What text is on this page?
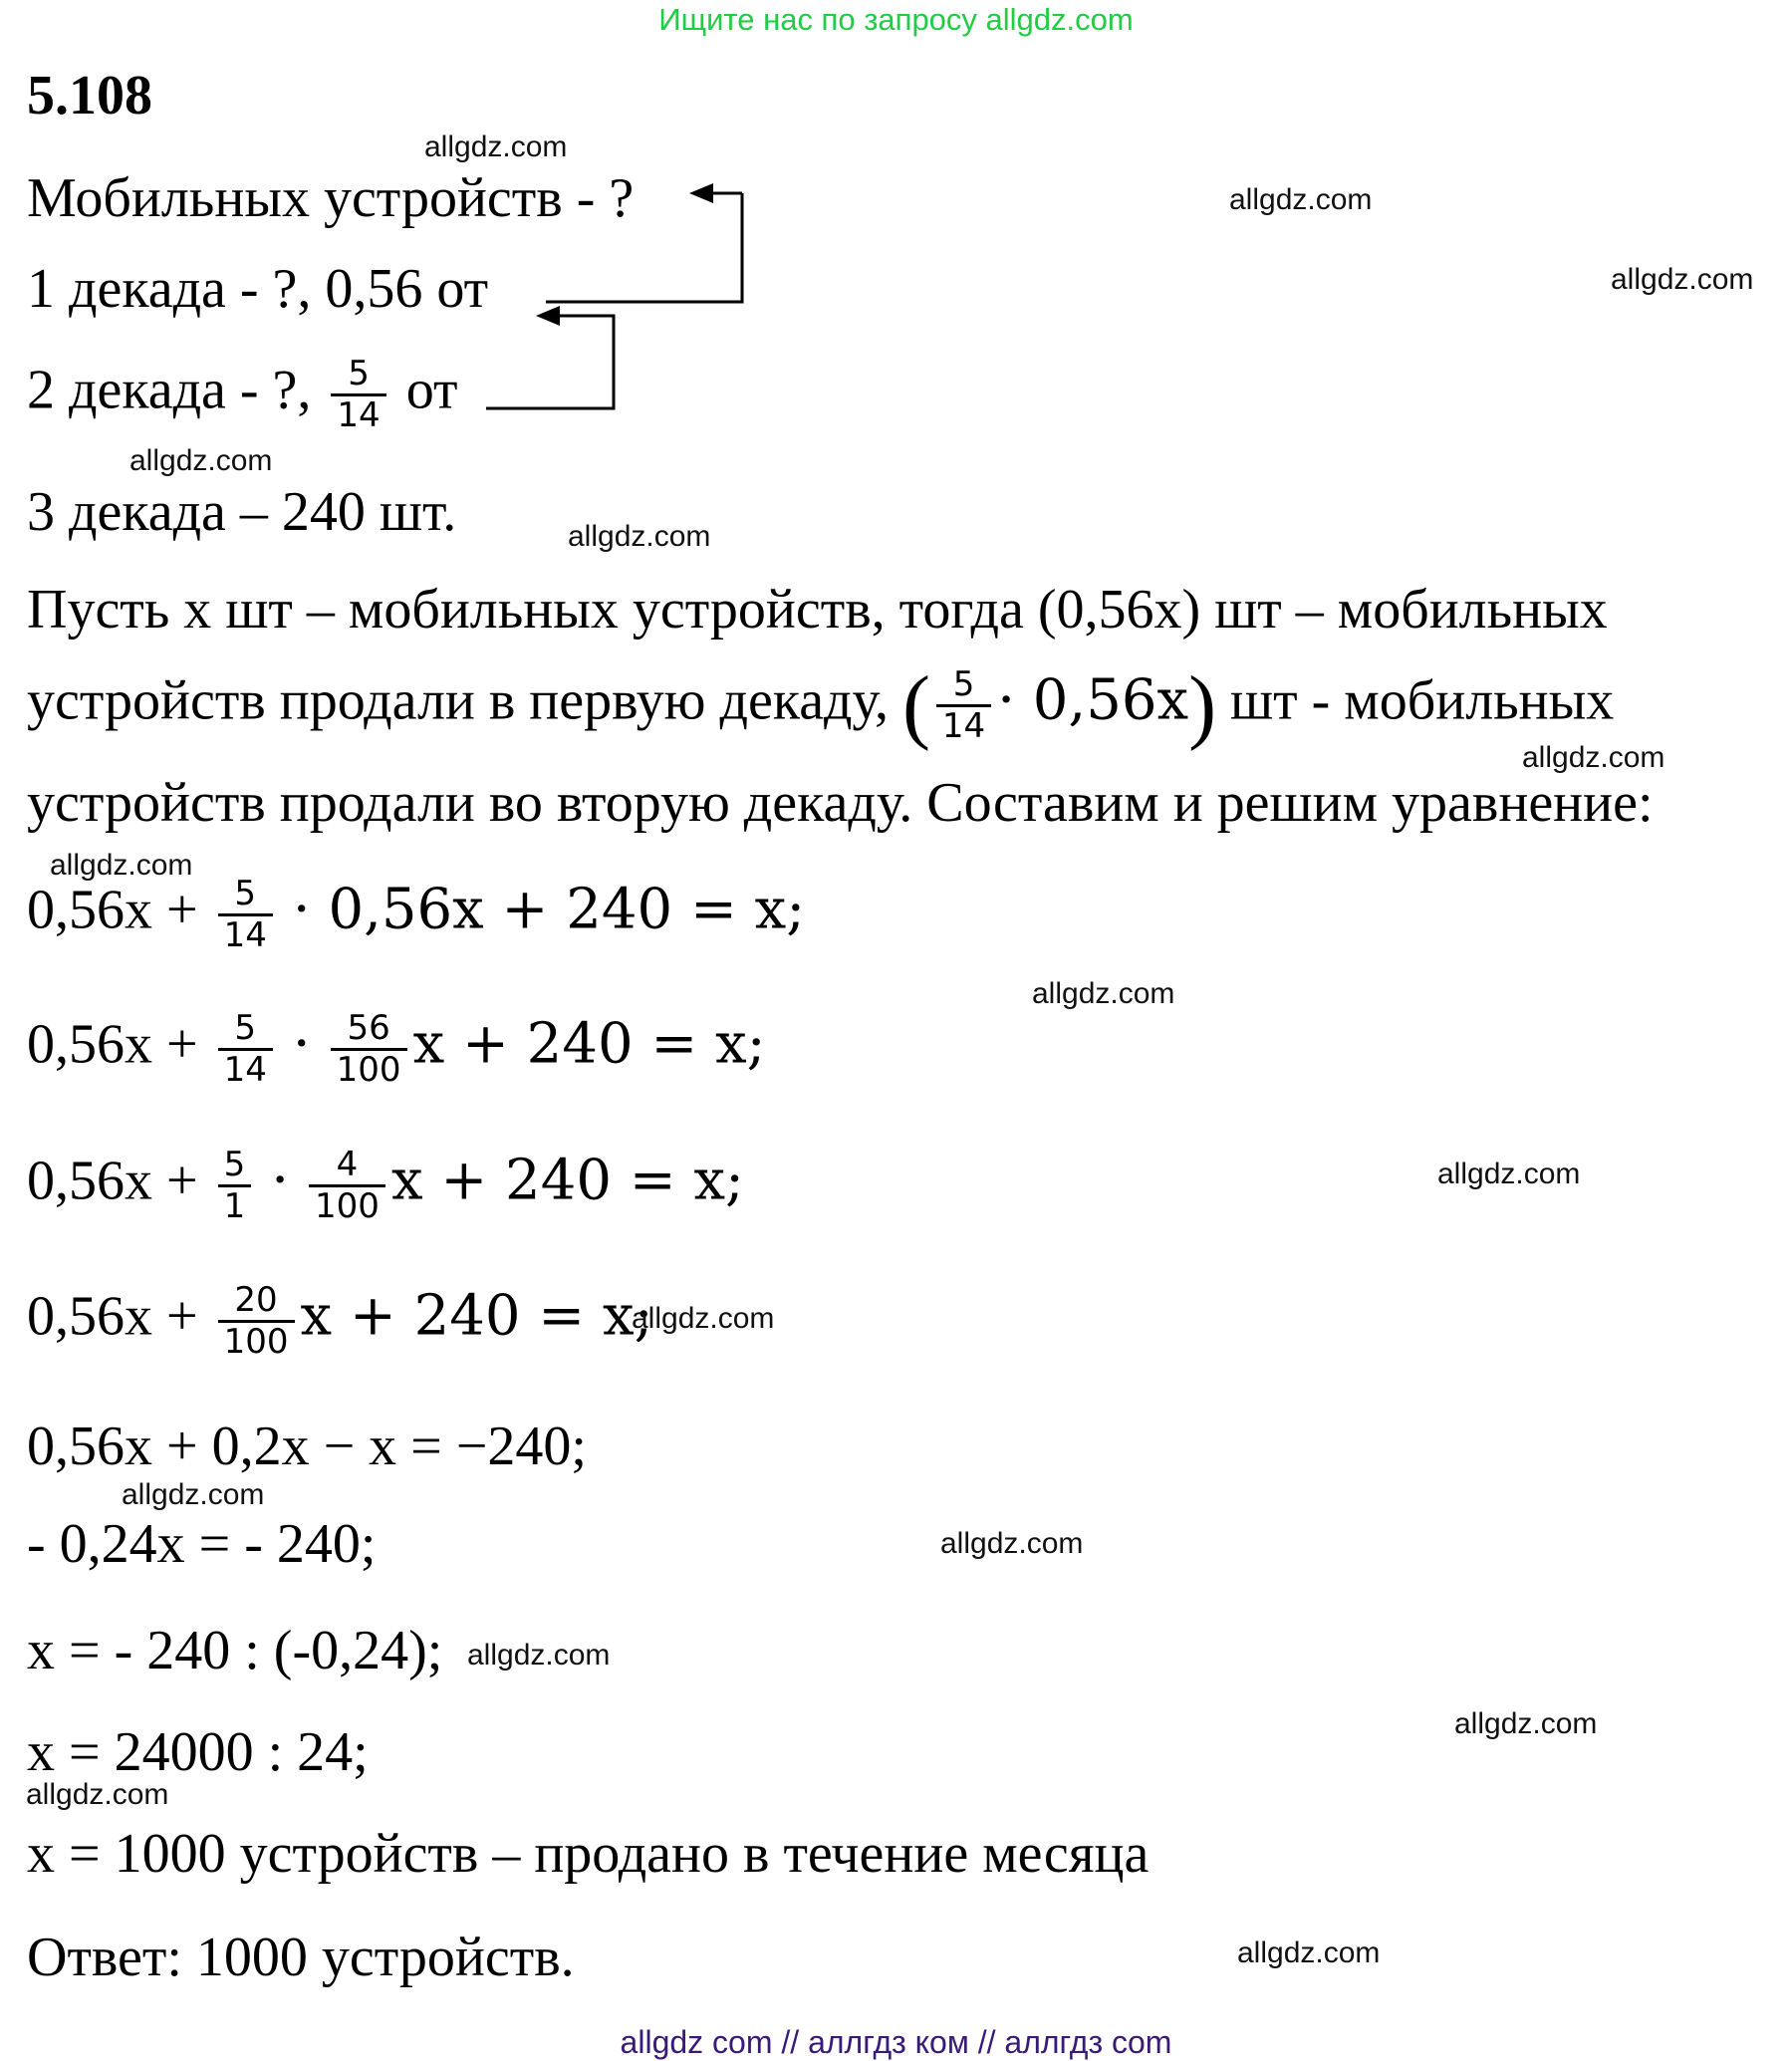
Ищите нас по запросу allgdz.com
5.108
Мобильных устройств - ?
1 декада - ?, 0,56 от
2 декада - ?, $\frac{5}{14}$ от
3 декада – 240 шт.
Пусть х шт – мобильных устройств, тогда (0,56х) шт – мобильных
устройств продали в первую декаду, ( $\frac{5}{14} \cdot 0,56х$) шт - мобильных
устройств продали во вторую декаду. Составим и решим уравнение:
$0,56х + \frac{5}{14} \cdot 0,56х + 240 = х$;
$0,56х + \frac{5}{14} \cdot \frac{56}{100}$ х + 240 = х;
$0,56х + \frac{5}{1} \cdot \frac{4}{100}$ х + 240 = х;
$0,56х + \frac{20}{100}$ х + 240 = х;
0,56х + 0,2х − х = −240;
- 0,24х = - 240;
х = - 240 : (-0,24);
х = 24000 : 24;
х = 1000 устройств – продано в течение месяца
Ответ: 1000 устройств.
allgdz.com
allgdz.com
allgdz.com
allgdz.com
allgdz.com
allgdz.com
allgdz.com
allgdz.com
allgdz.com
allgdz.com
allgdz.com
allgdz.com
allgdz.com
allgdz.com
allgdz.com
allgdz.com
allgdz com // аллгдз ком // аллгдз com
